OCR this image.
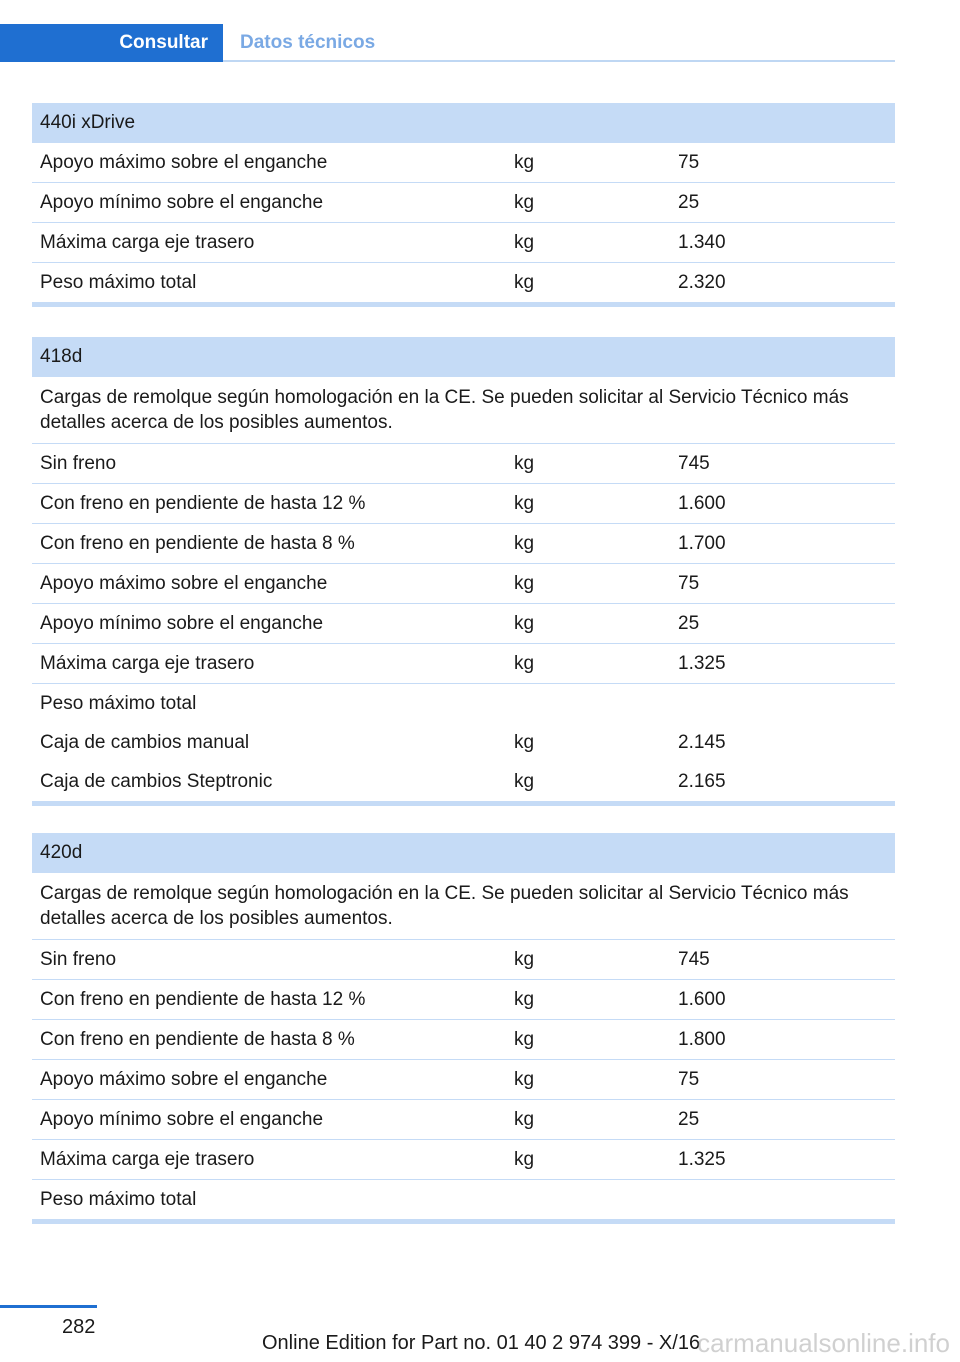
Consultar	Datos técnicos
440i xDrive
Apoyo máximo sobre el enganche	kg	75
Apoyo mínimo sobre el enganche	kg	25
Máxima carga eje trasero	kg	1.340
Peso máximo total	kg	2.320
418d
Cargas de remolque según homologación en la CE. Se pueden solicitar al Servicio Técnico más detalles acerca de los posibles aumentos.
Sin freno	kg	745
Con freno en pendiente de hasta 12 %	kg	1.600
Con freno en pendiente de hasta 8 %	kg	1.700
Apoyo máximo sobre el enganche	kg	75
Apoyo mínimo sobre el enganche	kg	25
Máxima carga eje trasero	kg	1.325
Peso máximo total
Caja de cambios manual	kg	2.145
Caja de cambios Steptronic	kg	2.165
420d
Cargas de remolque según homologación en la CE. Se pueden solicitar al Servicio Técnico más detalles acerca de los posibles aumentos.
Sin freno	kg	745
Con freno en pendiente de hasta 12 %	kg	1.600
Con freno en pendiente de hasta 8 %	kg	1.800
Apoyo máximo sobre el enganche	kg	75
Apoyo mínimo sobre el enganche	kg	25
Máxima carga eje trasero	kg	1.325
Peso máximo total
282
Online Edition for Part no. 01 40 2 974 399 - X/16
carmanualsonline.info
